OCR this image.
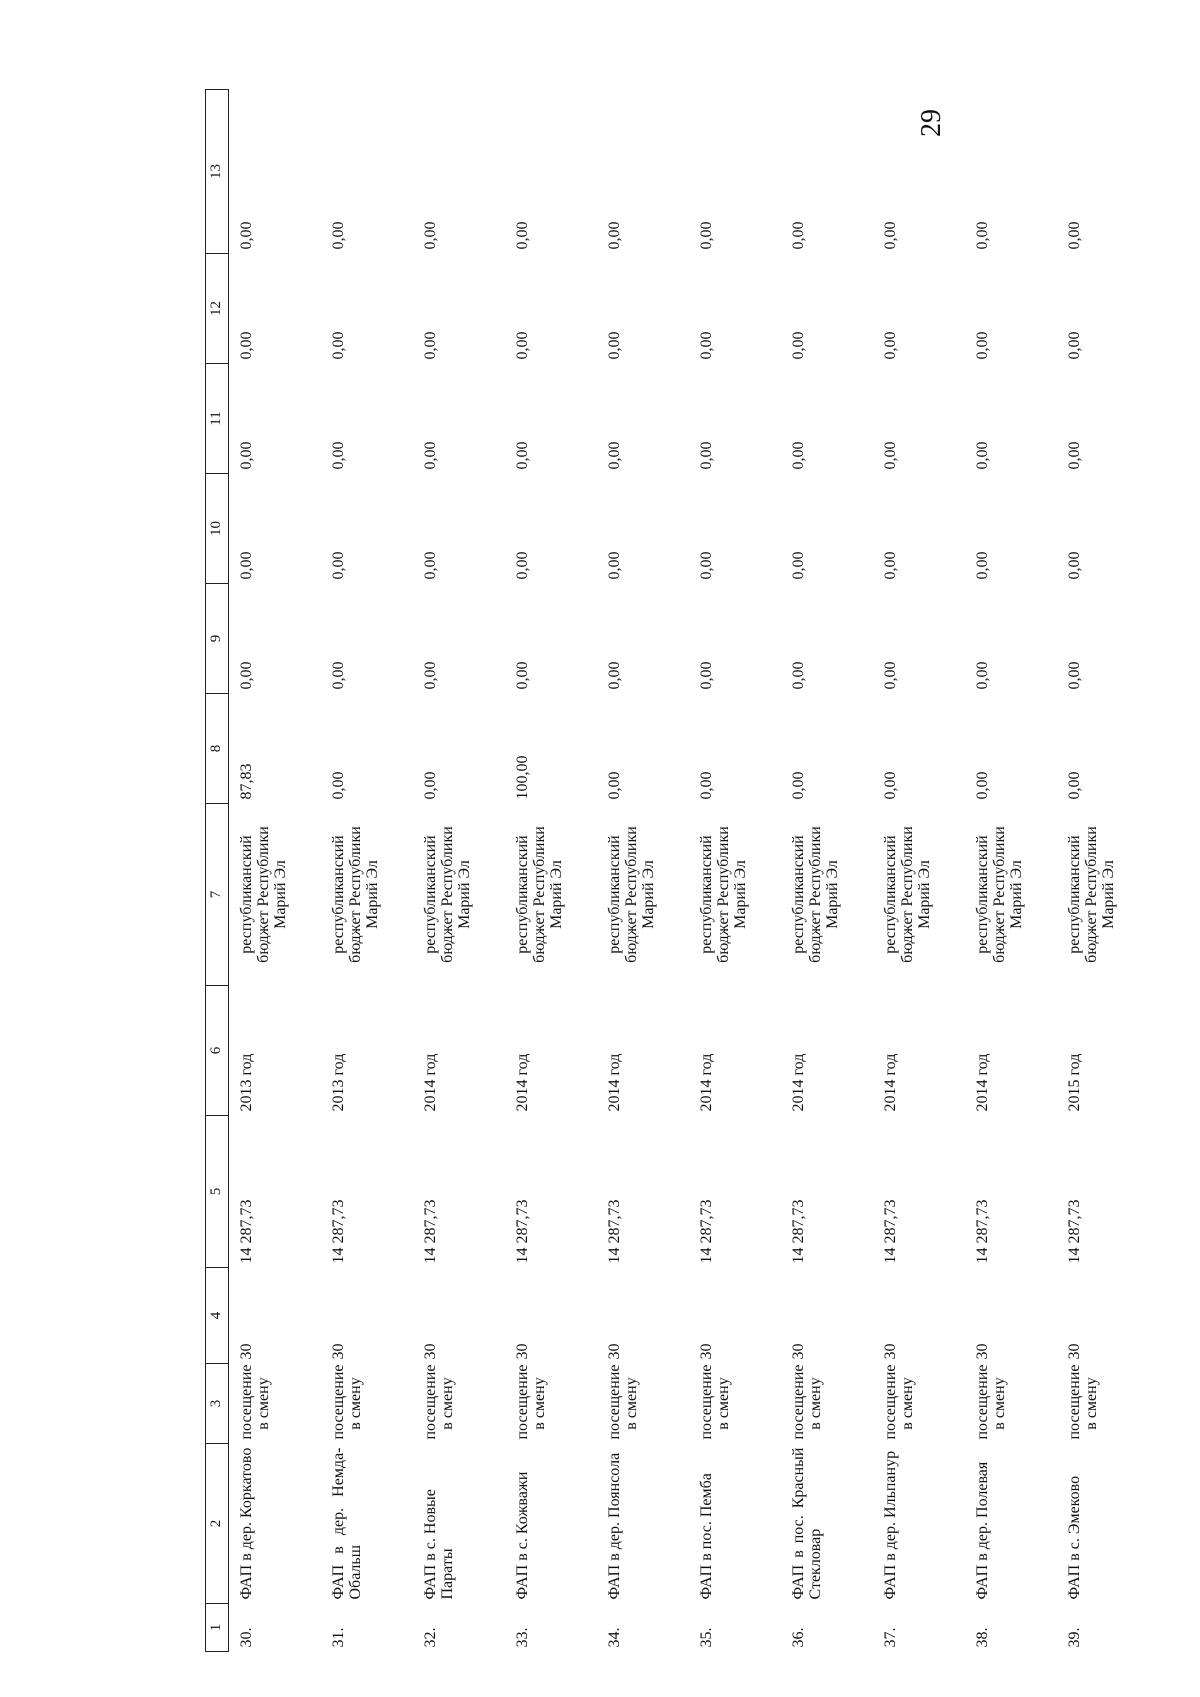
29
1	2	3	4	5	6	7	8	9	10	11	12	13
30.	ФАП в дер. Коркатово	посещение в смену	30	14 287,73	2013 год	республиканский бюджет Республики Марий Эл	87,83	0,00	0,00	0,00	0,00	0,00
31.	ФАП в дер. Немда- Обальш	посещение в смену	30	14 287,73	2013 год	республиканский бюджет Республики Марий Эл	0,00	0,00	0,00	0,00	0,00	0,00
32.	ФАП в с. Новые Параты	посещение в смену	30	14 287,73	2014 год	республиканский бюджет Республики Марий Эл	0,00	0,00	0,00	0,00	0,00	0,00
33.	ФАП в с. Кожважи	посещение в смену	30	14 287,73	2014 год	республиканский бюджет Республики Марий Эл	100,00	0,00	0,00	0,00	0,00	0,00
34.	ФАП в дер. Поянсола	посещение в смену	30	14 287,73	2014 год	республиканский бюджет Республики Марий Эл	0,00	0,00	0,00	0,00	0,00	0,00
35.	ФАП в пос. Пемба	посещение в смену	30	14 287,73	2014 год	республиканский бюджет Республики Марий Эл	0,00	0,00	0,00	0,00	0,00	0,00
36.	ФАП в пос. Красный Стекловар	посещение в смену	30	14 287,73	2014 год	республиканский бюджет Республики Марий Эл	0,00	0,00	0,00	0,00	0,00	0,00
37.	ФАП в дер. Ильпанур	посещение в смену	30	14 287,73	2014 год	республиканский бюджет Республики Марий Эл	0,00	0,00	0,00	0,00	0,00	0,00
38.	ФАП в дер. Полевая	посещение в смену	30	14 287,73	2014 год	республиканский бюджет Республики Марий Эл	0,00	0,00	0,00	0,00	0,00	0,00
39.	ФАП в с. Эмеково	посещение в смену	30	14 287,73	2015 год	республиканский бюджет Республики Марий Эл	0,00	0,00	0,00	0,00	0,00	0,00
